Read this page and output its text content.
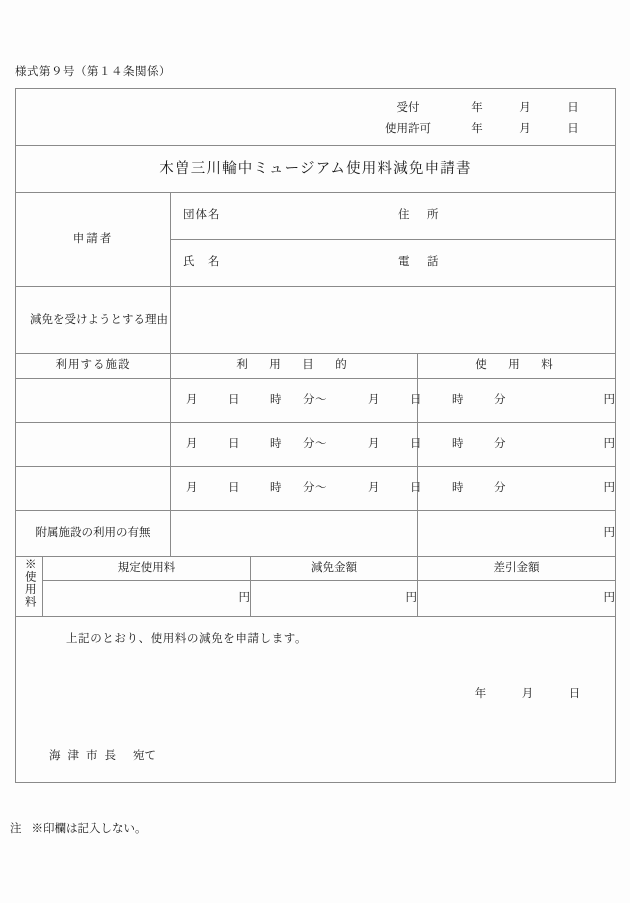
様式第９号（第１４条関係）
受付 年 月 日
使用許可 年 月 日				

木曽三川輪中ミュージアム使用料減免申請書				
申請者		団体名 住　所		

		氏　名 電　話		

減免を受けようとする理由				

利用する施設		利　用　目　的		使　用　料

		月 日 時 分～ 月 日 時 分		円

		月 日 時 分～ 月 日 時 分		円

		月 日 時 分～ 月 日 時 分		円

附属施設の利用の有無				円
※使用料	規定使用料		減免金額	差引金額
	円		円	円

上記のとおり、使用料の減免を申請します。
年 月 日
海津市長 宛て				
注 ※印欄は記入しない。
